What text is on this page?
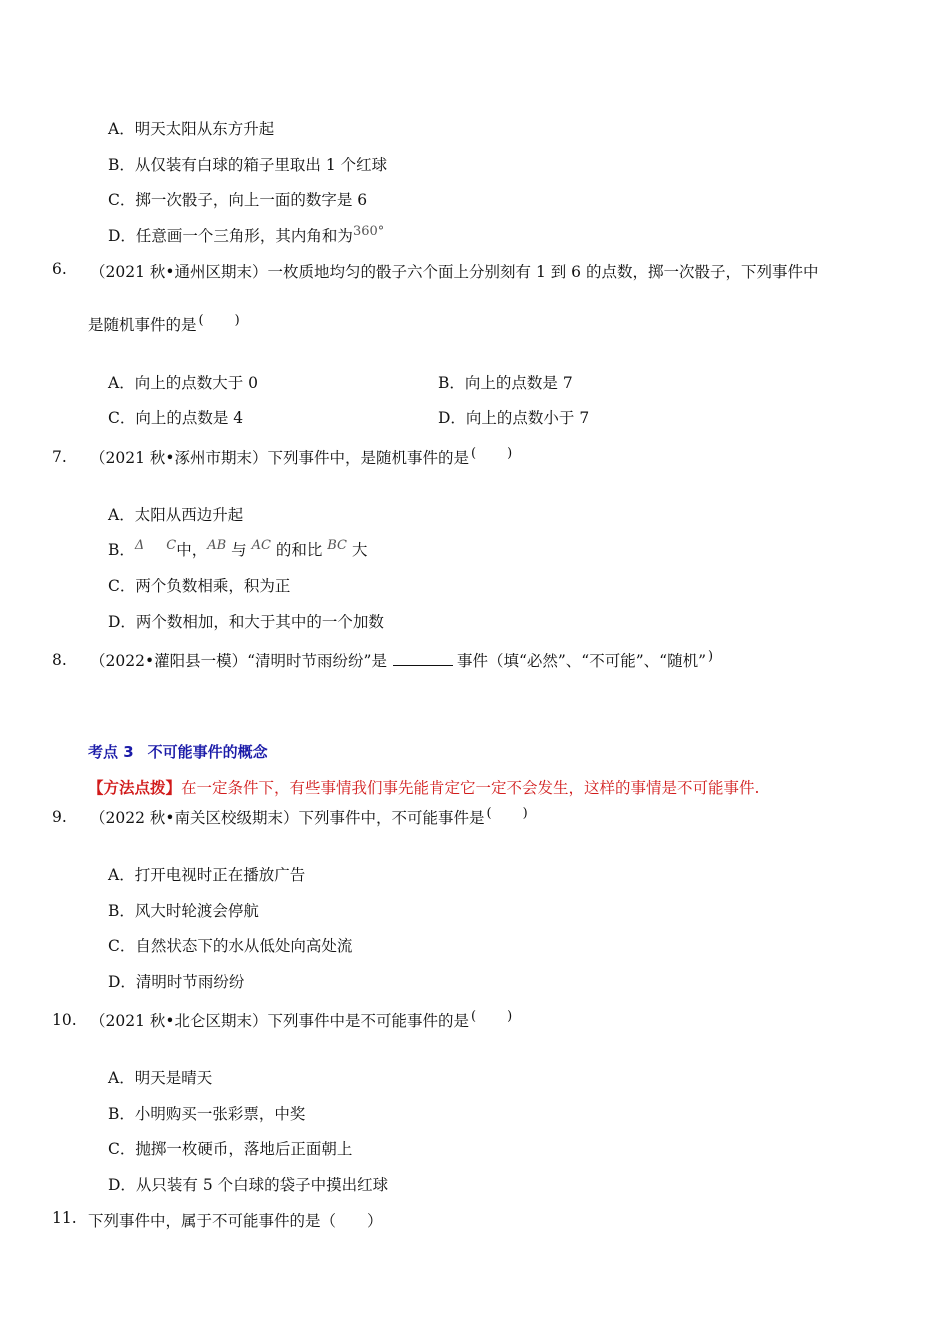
A．明天太阳从东方升起
B．从仅装有白球的箱子里取出 1 个红球
C．掷一次骰子，向上一面的数字是 6
D．任意画一个三角形，其内角和为$^{360^\circ}$
6. （2021 秋•通州区期末）一枚质地均匀的骰子六个面上分别刻有 1 到 6 的点数，掷一次骰子，下列事件中
是随机事件的是 ( )
A．向上的点数大于 0	B．向上的点数是 7
C．向上的点数是 4	D．向上的点数小于 7
7. （2021 秋•涿州市期末）下列事件中，是随机事件的是 ( )
A．太阳从西边升起
B．$^\Delta$ $^C$中，$^{AB}$ 与 $^{AC}$ 的和比 $^{BC}$ 大
C．两个负数相乘，积为正
D．两个数相加，和大于其中的一个加数
8. （2022•灌阳县一模）“清明时节雨纷纷”是	事件（填“必然”、“不可能”、“随机” )
考点 3 不可能事件的概念
【方法点拨】在一定条件下，有些事情我们事先能肯定它一定不会发生，这样的事情是不可能事件.
9. （2022 秋•南关区校级期末）下列事件中，不可能事件是 ( )
A．打开电视时正在播放广告
B．风大时轮渡会停航
C．自然状态下的水从低处向高处流
D．清明时节雨纷纷
10. （2021 秋•北仑区期末）下列事件中是不可能事件的是 ( )
A．明天是晴天
B．小明购买一张彩票，中奖
C．抛掷一枚硬币，落地后正面朝上
D．从只装有 5 个白球的袋子中摸出红球
11. 下列事件中，属于不可能事件的是（　　）
